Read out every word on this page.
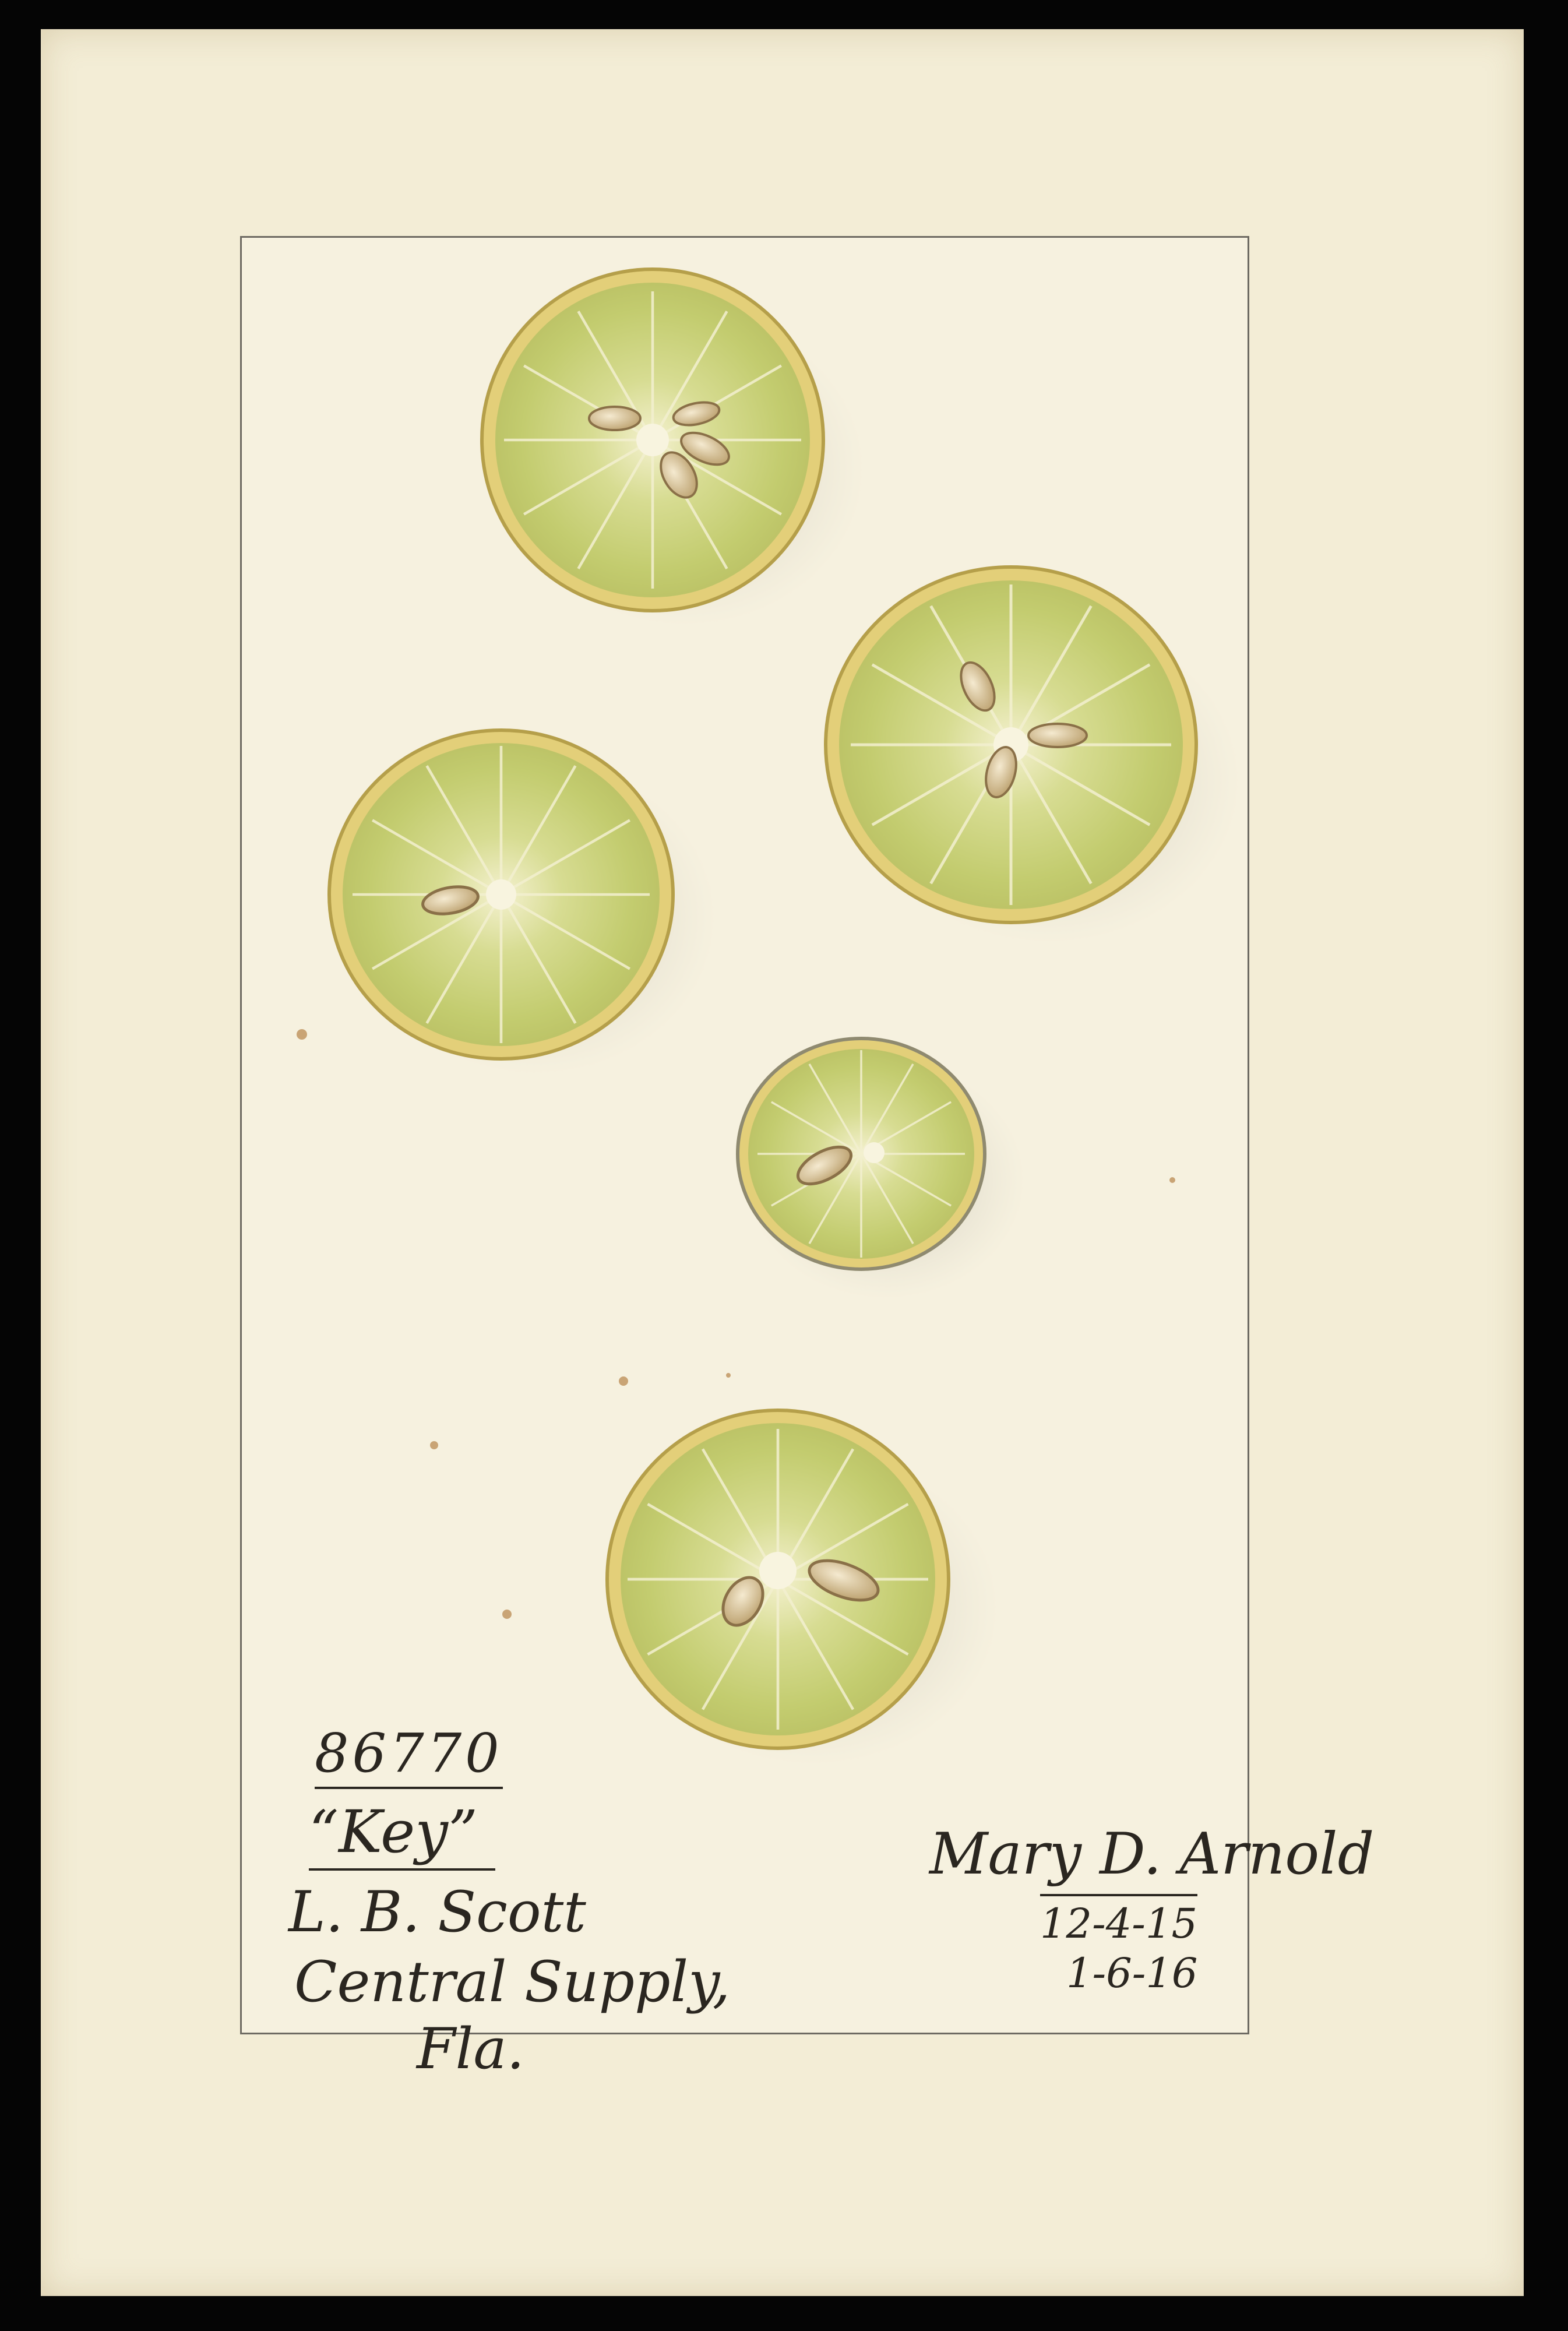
86770
“Key”
L. B. Scott
Central Supply,
Fla.
Mary D. Arnold
12-4-15
1-6-16
